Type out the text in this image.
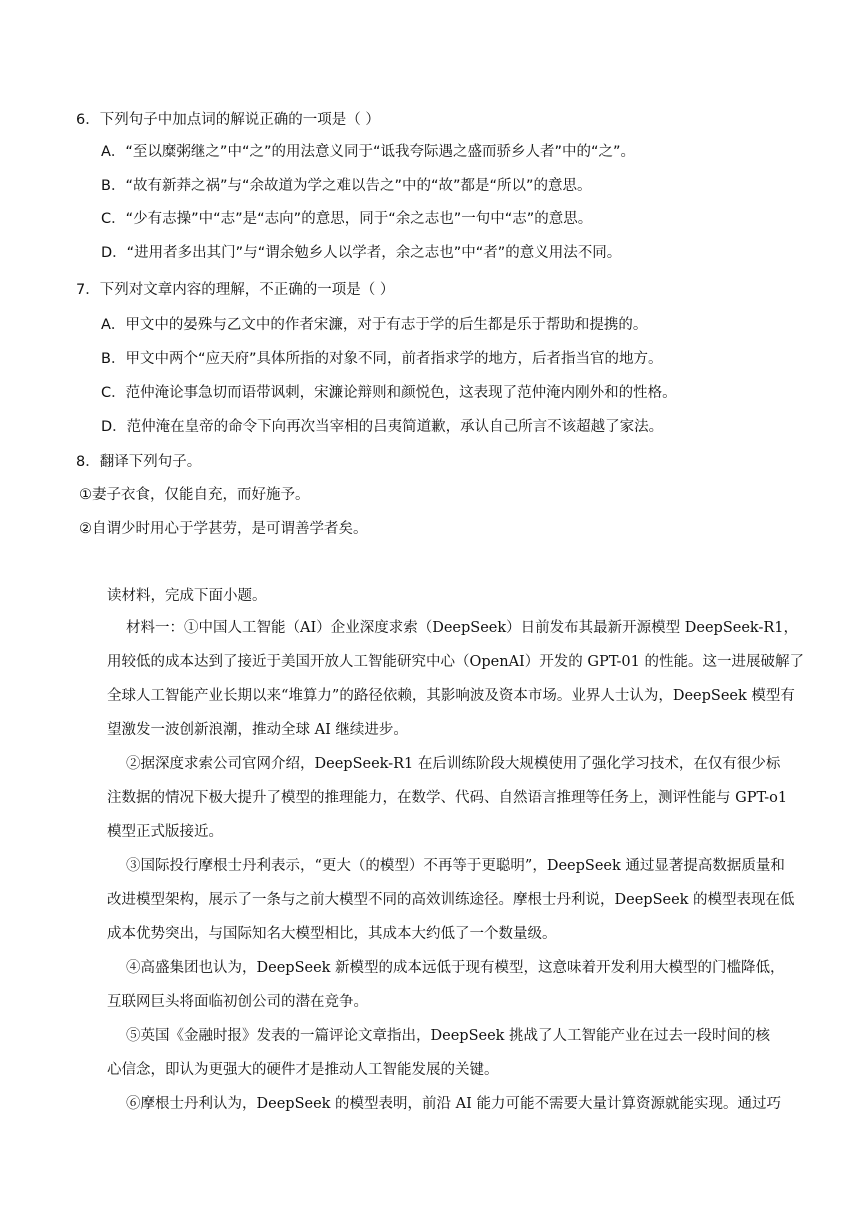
6．下列句子中加点词的解说正确的一项是（ ）
A．“至以糜粥继之”中“之”的用法意义同于“诋我夸际遇之盛而骄乡人者”中的“之”。
B．“故有新莽之祸”与“余故道为学之难以告之”中的“故”都是“所以”的意思。
C．“少有志操”中“志”是“志向”的意思，同于“余之志也”一句中“志”的意思。
D．“进用者多出其门”与“谓余勉乡人以学者，余之志也”中“者”的意义用法不同。
7．下列对文章内容的理解，不正确的一项是（ ）
A．甲文中的晏殊与乙文中的作者宋濂，对于有志于学的后生都是乐于帮助和提携的。
B．甲文中两个“应天府”具体所指的对象不同，前者指求学的地方，后者指当官的地方。
C．范仲淹论事急切而语带讽刺，宋濂论辩则和颜悦色，这表现了范仲淹内刚外和的性格。
D．范仲淹在皇帝的命令下向再次当宰相的吕夷简道歉，承认自己所言不该超越了家法。
8．翻译下列句子。
①妻子衣食，仅能自充，而好施予。
②自谓少时用心于学甚劳，是可谓善学者矣。
读材料，完成下面小题。
材料一：①中国人工智能（AI）企业深度求索（DeepSeek）日前发布其最新开源模型 DeepSeek-R1，
用较低的成本达到了接近于美国开放人工智能研究中心（OpenAI）开发的 GPT-01 的性能。这一进展破解了
全球人工智能产业长期以来“堆算力”的路径依赖，其影响波及资本市场。业界人士认为，DeepSeek 模型有
望激发一波创新浪潮，推动全球 AI 继续进步。
②据深度求索公司官网介绍，DeepSeek-R1 在后训练阶段大规模使用了强化学习技术，在仅有很少标
注数据的情况下极大提升了模型的推理能力，在数学、代码、自然语言推理等任务上，测评性能与 GPT-o1
模型正式版接近。
③国际投行摩根士丹利表示，“更大（的模型）不再等于更聪明”，DeepSeek 通过显著提高数据质量和
改进模型架构，展示了一条与之前大模型不同的高效训练途径。摩根士丹利说，DeepSeek 的模型表现在低
成本优势突出，与国际知名大模型相比，其成本大约低了一个数量级。
④高盛集团也认为，DeepSeek 新模型的成本远低于现有模型，这意味着开发利用大模型的门槛降低，
互联网巨头将面临初创公司的潜在竞争。
⑤英国《金融时报》发表的一篇评论文章指出，DeepSeek 挑战了人工智能产业在过去一段时间的核
心信念，即认为更强大的硬件才是推动人工智能发展的关键。
⑥摩根士丹利认为，DeepSeek 的模型表明，前沿 AI 能力可能不需要大量计算资源就能实现。通过巧
